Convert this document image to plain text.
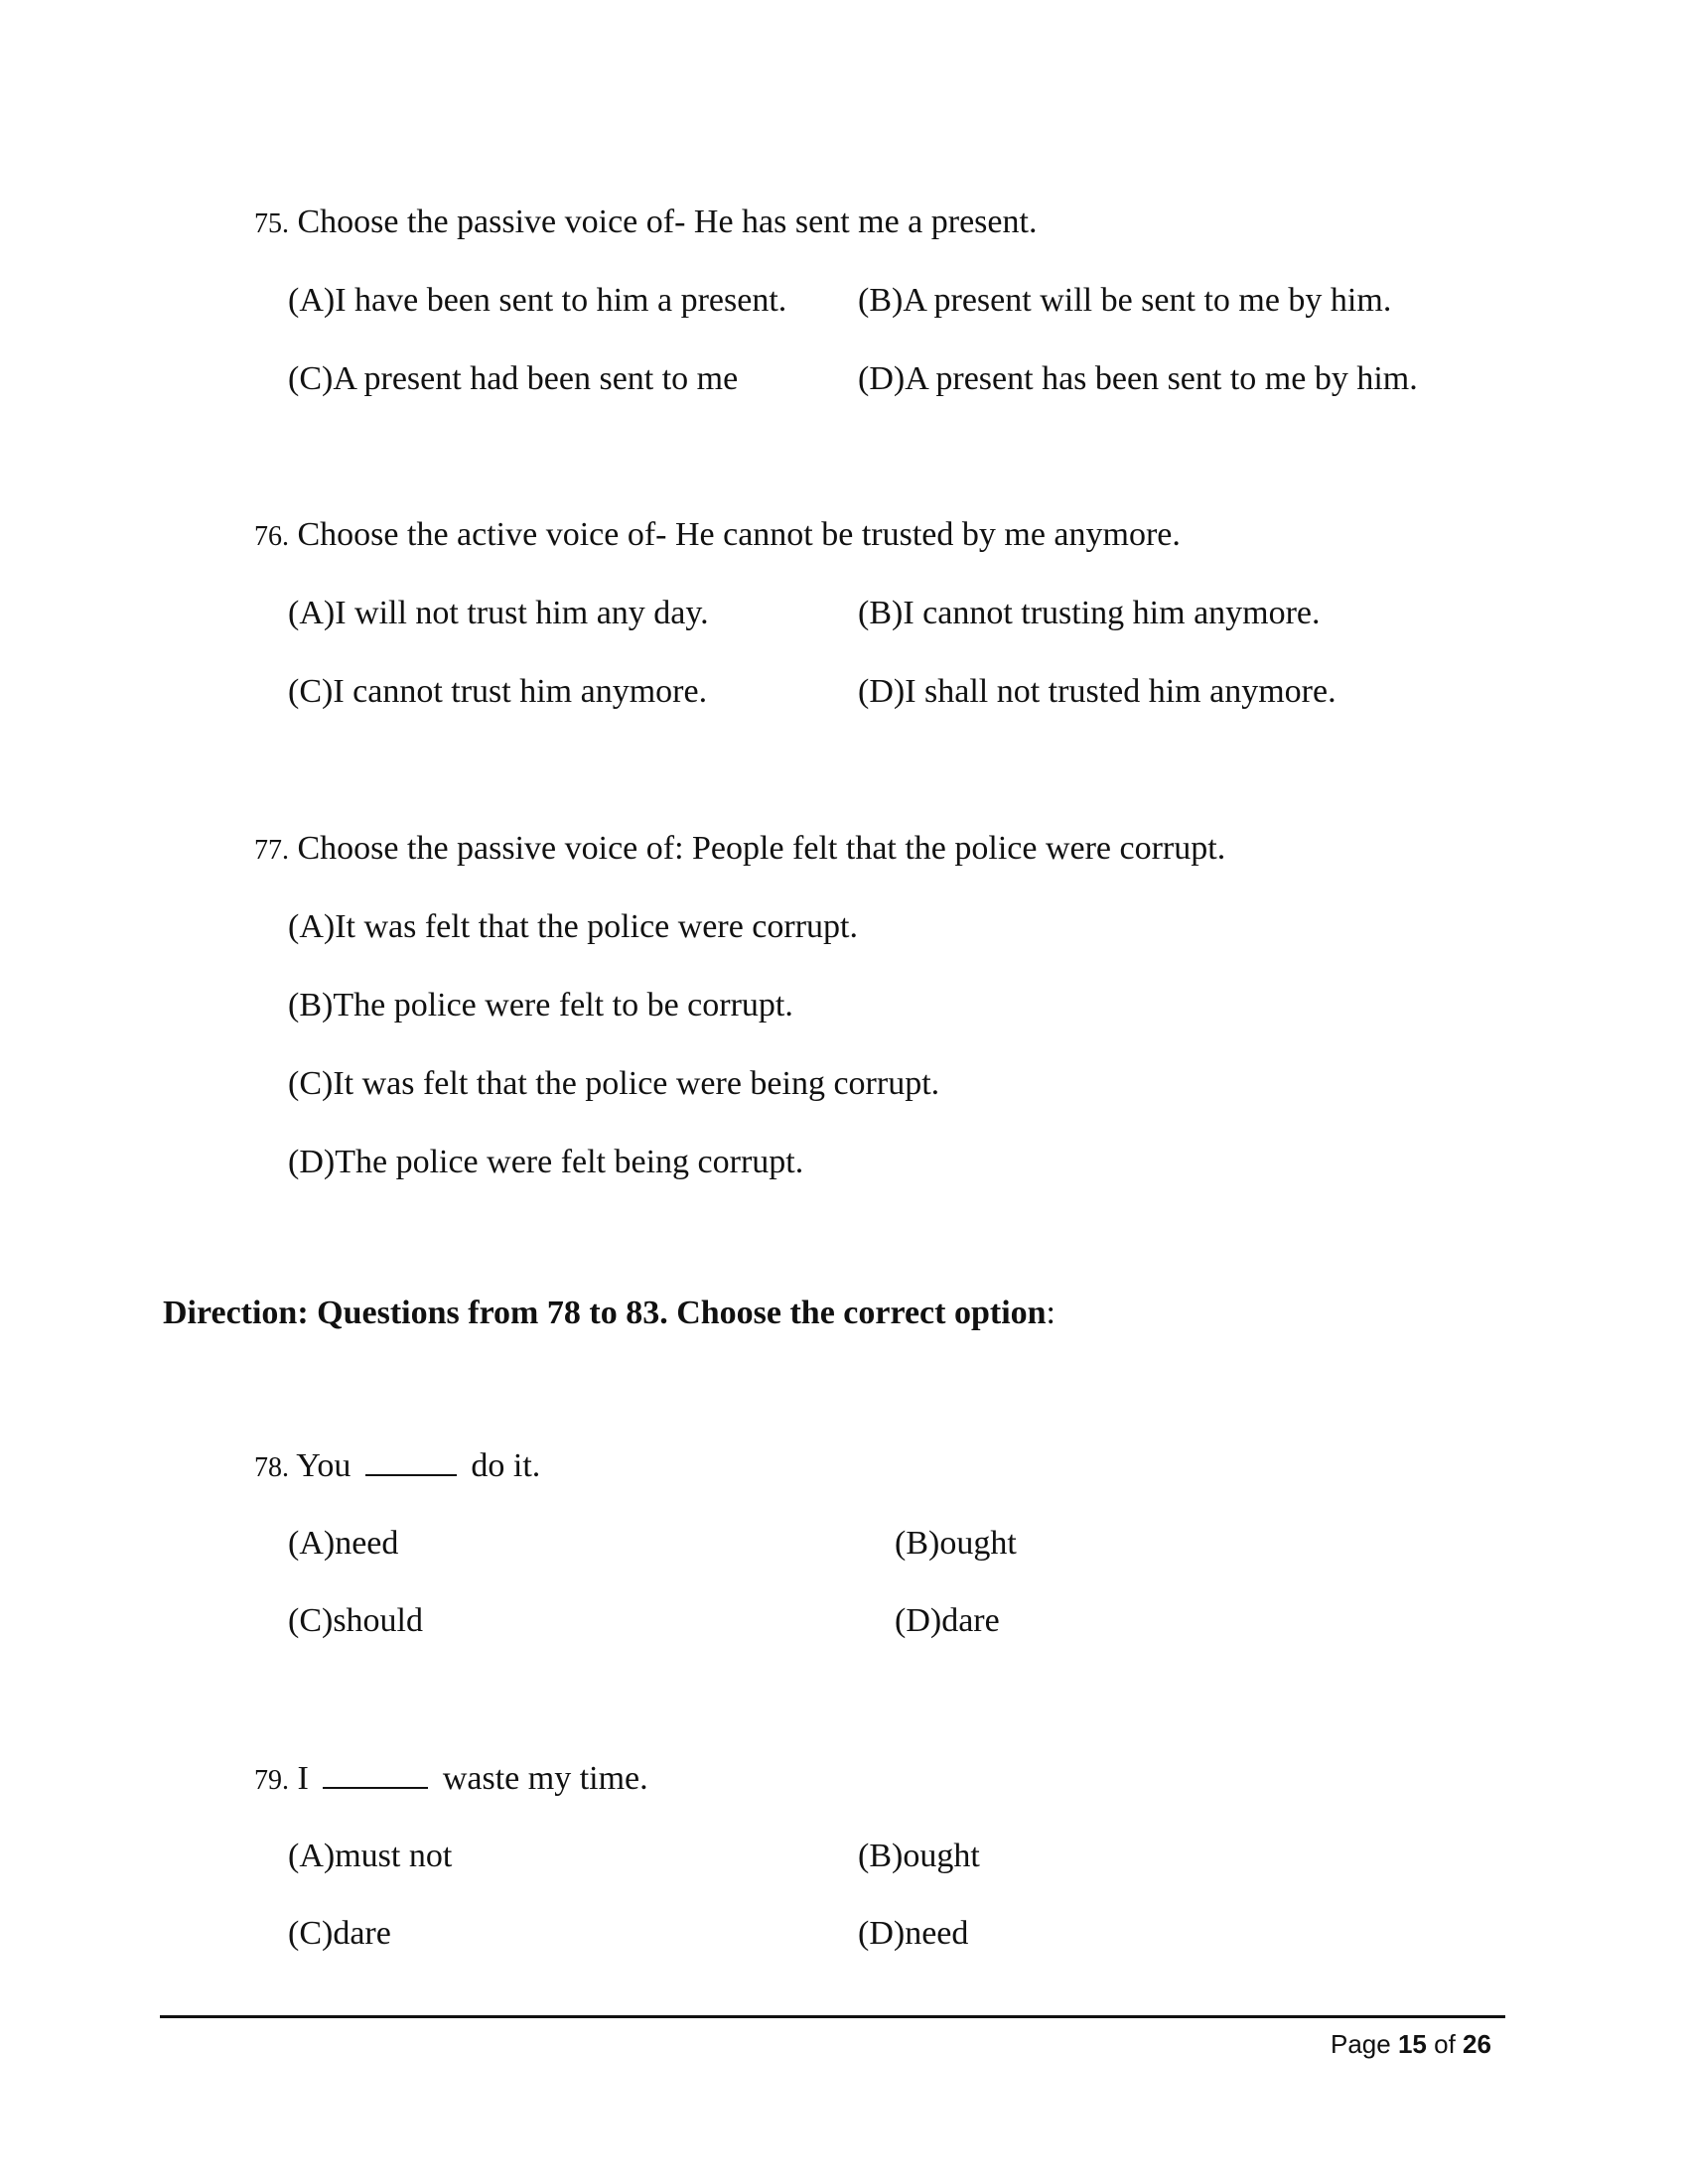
75. Choose the passive voice of- He has sent me a present.
(A)I have been sent to him a present. (B)A present will be sent to me by him.
(C)A present had been sent to me	(D)A present has been sent to me by him.
76. Choose the active voice of- He cannot be trusted by me anymore.
(A)I will not trust him any day.	(B)I cannot trusting him anymore.
(C)I cannot trust him anymore.	(D)I shall not trusted him anymore.
77. Choose the passive voice of: People felt that the police were corrupt.
(A)It was felt that the police were corrupt.
(B)The police were felt to be corrupt.
(C)It was felt that the police were being corrupt.
(D)The police were felt being corrupt.
Direction: Questions from 78 to 83. Choose the correct option:
78. You	do it.
(A)need	(B)ought
(C)should	(D)dare
79. I	waste my time.
(A)must not	(B)ought
(C)dare	(D)need
Page 15 of 26
